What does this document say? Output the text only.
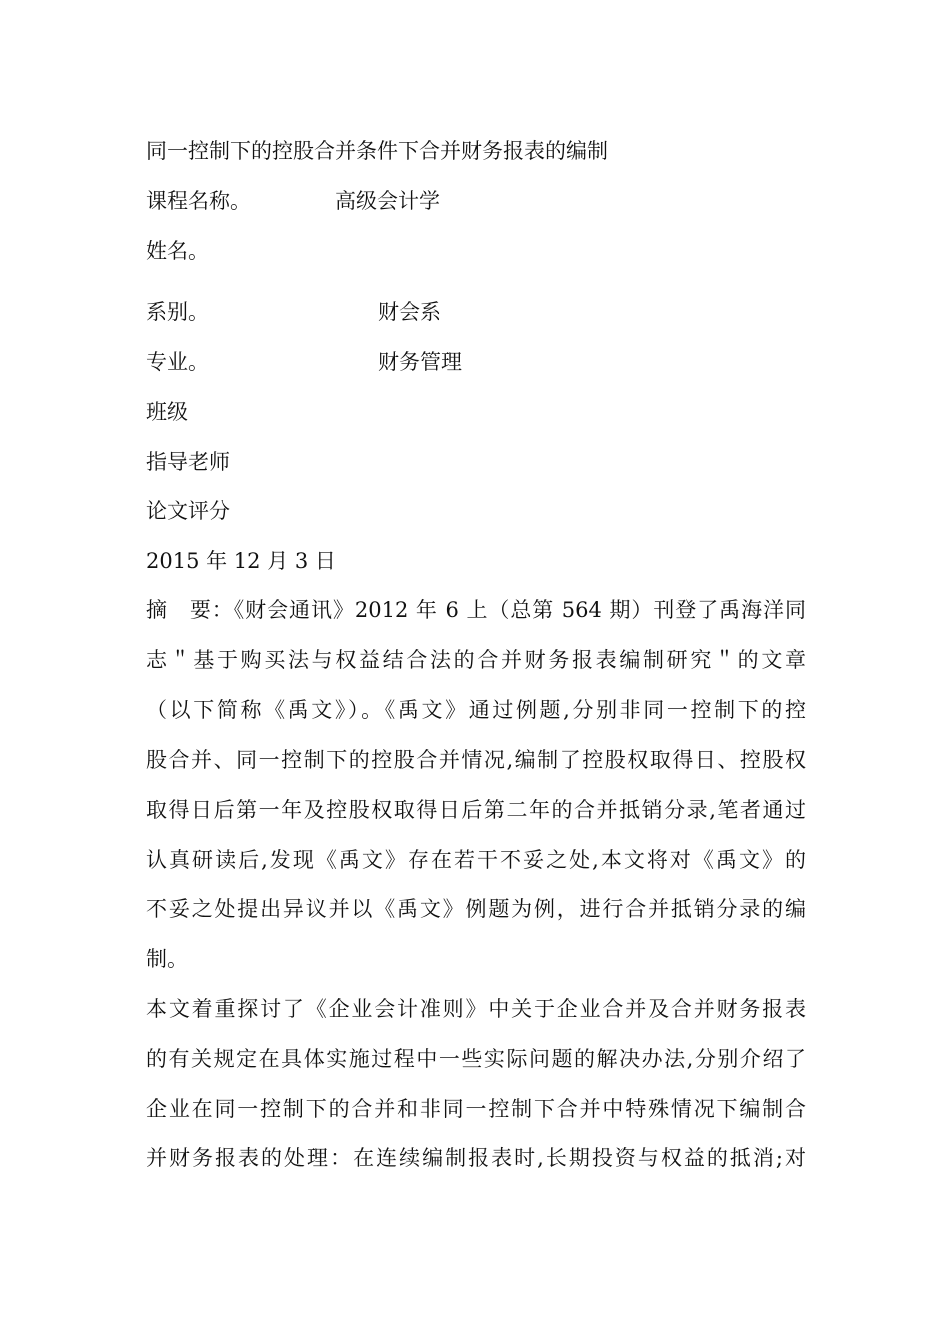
同一控制下的控股合并条件下合并财务报表的编制
课程名称。	高级会计学
姓名。
系别。	财会系
专业。	财务管理
班级
指导老师
论文评分
2015 年 12 月 3 日
摘　要：《财会通讯》2012 年 6 上（总第 564 期）刊登了禹海洋同
志＂基于购买法与权益结合法的合并财务报表编制研究＂的文章
（以下简称《禹文》）。《禹文》通过例题,分别非同一控制下的控
股合并、同一控制下的控股合并情况,编制了控股权取得日、控股权
取得日后第一年及控股权取得日后第二年的合并抵销分录,笔者通过
认真研读后,发现《禹文》存在若干不妥之处,本文将对《禹文》的
不妥之处提出异议并以《禹文》例题为例，进行合并抵销分录的编
制。
本文着重探讨了《企业会计准则》中关于企业合并及合并财务报表
的有关规定在具体实施过程中一些实际问题的解决办法,分别介绍了
企业在同一控制下的合并和非同一控制下合并中特殊情况下编制合
并财务报表的处理：在连续编制报表时,长期投资与权益的抵消;对
